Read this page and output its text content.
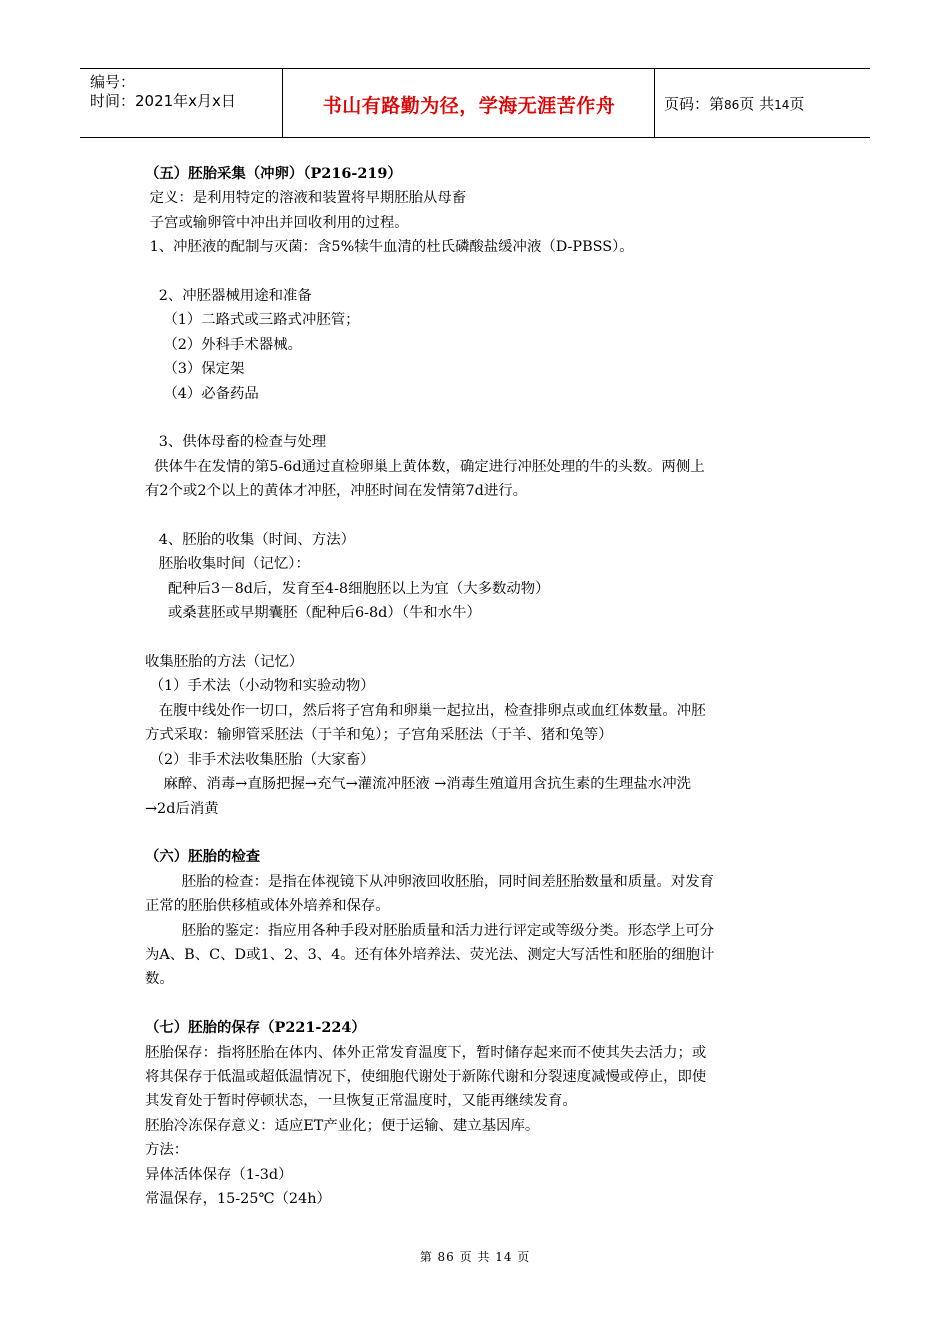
编号：
时间：2021年x月x日	书山有路勤为径，学海无涯苦作舟	页码：第86页 共14页

（五）胚胎采集（冲卵）（P216-219）

定义：是利用特定的溶液和装置将早期胚胎从母畜

子宫或输卵管中冲出并回收利用的过程。

1、冲胚液的配制与灭菌：含5%犊牛血清的杜氏磷酸盐缓冲液（D-PBSS）。

2、冲胚器械用途和准备

（1）二路式或三路式冲胚管；

（2）外科手术器械。

（3）保定架

（4）必备药品

3、供体母畜的检查与处理

供体牛在发情的第5-6d通过直检卵巢上黄体数，确定进行冲胚处理的牛的头数。两侧上

有2个或2个以上的黄体才冲胚，冲胚时间在发情第7d进行。

4、胚胎的收集（时间、方法）

胚胎收集时间（记忆）：

配种后3－8d后，发育至4-8细胞胚以上为宜（大多数动物）

或桑葚胚或早期囊胚（配种后6-8d）（牛和水牛）

收集胚胎的方法（记忆）

（1）手术法（小动物和实验动物）

在腹中线处作一切口，然后将子宫角和卵巢一起拉出，检查排卵点或血红体数量。冲胚

方式采取：输卵管采胚法（于羊和兔）；子宫角采胚法（于羊、猪和兔等）

（2）非手术法收集胚胎（大家畜）

麻醉、消毒→直肠把握→充气→灌流冲胚液 →消毒生殖道用含抗生素的生理盐水冲洗

→2d后消黄

（六）胚胎的检查

胚胎的检查：是指在体视镜下从冲卵液回收胚胎，同时间差胚胎数量和质量。对发育

正常的胚胎供移植或体外培养和保存。

胚胎的鉴定：指应用各种手段对胚胎质量和活力进行评定或等级分类。形态学上可分

为A、B、C、D或1、2、3、4。还有体外培养法、荧光法、测定大写活性和胚胎的细胞计

数。

（七）胚胎的保存（P221-224）

胚胎保存：指将胚胎在体内、体外正常发育温度下，暂时储存起来而不使其失去活力；或

将其保存于低温或超低温情况下，使细胞代谢处于新陈代谢和分裂速度减慢或停止，即使

其发育处于暂时停顿状态，一旦恢复正常温度时，又能再继续发育。

胚胎冷冻保存意义：适应ET产业化；便于运输、建立基因库。

方法：

异体活体保存（1-3d）

常温保存，15-25℃（24h）

第 86 页 共 14 页
